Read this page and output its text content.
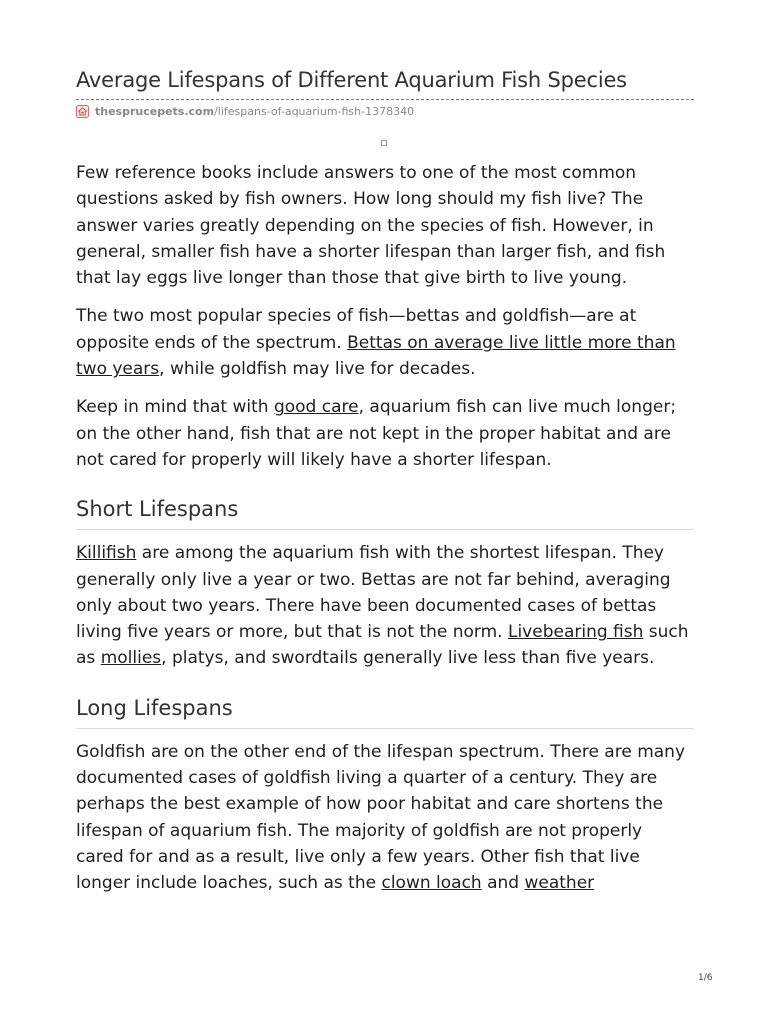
Average Lifespans of Different Aquarium Fish Species
thesprucepets.com /lifespans-of-aquarium-fish-1378340

Few reference books include answers to one of the most common questions asked by fish owners. How long should my fish live? The answer varies greatly depending on the species of fish. However, in general, smaller fish have a shorter lifespan than larger fish, and fish that lay eggs live longer than those that give birth to live young.

The two most popular species of fish—bettas and goldfish—are at opposite ends of the spectrum. Bettas on average live little more than two years, while goldfish may live for decades.

Keep in mind that with good care, aquarium fish can live much longer; on the other hand, fish that are not kept in the proper habitat and are not cared for properly will likely have a shorter lifespan.

Short Lifespans

Killifish are among the aquarium fish with the shortest lifespan. They generally only live a year or two. Bettas are not far behind, averaging only about two years. There have been documented cases of bettas living five years or more, but that is not the norm. Livebearing fish such as mollies, platys, and swordtails generally live less than five years.

Long Lifespans

Goldfish are on the other end of the lifespan spectrum. There are many documented cases of goldfish living a quarter of a century. They are perhaps the best example of how poor habitat and care shortens the lifespan of aquarium fish. The majority of goldfish are not properly cared for and as a result, live only a few years. Other fish that live longer include loaches, such as the clown loach and weather

1/6
